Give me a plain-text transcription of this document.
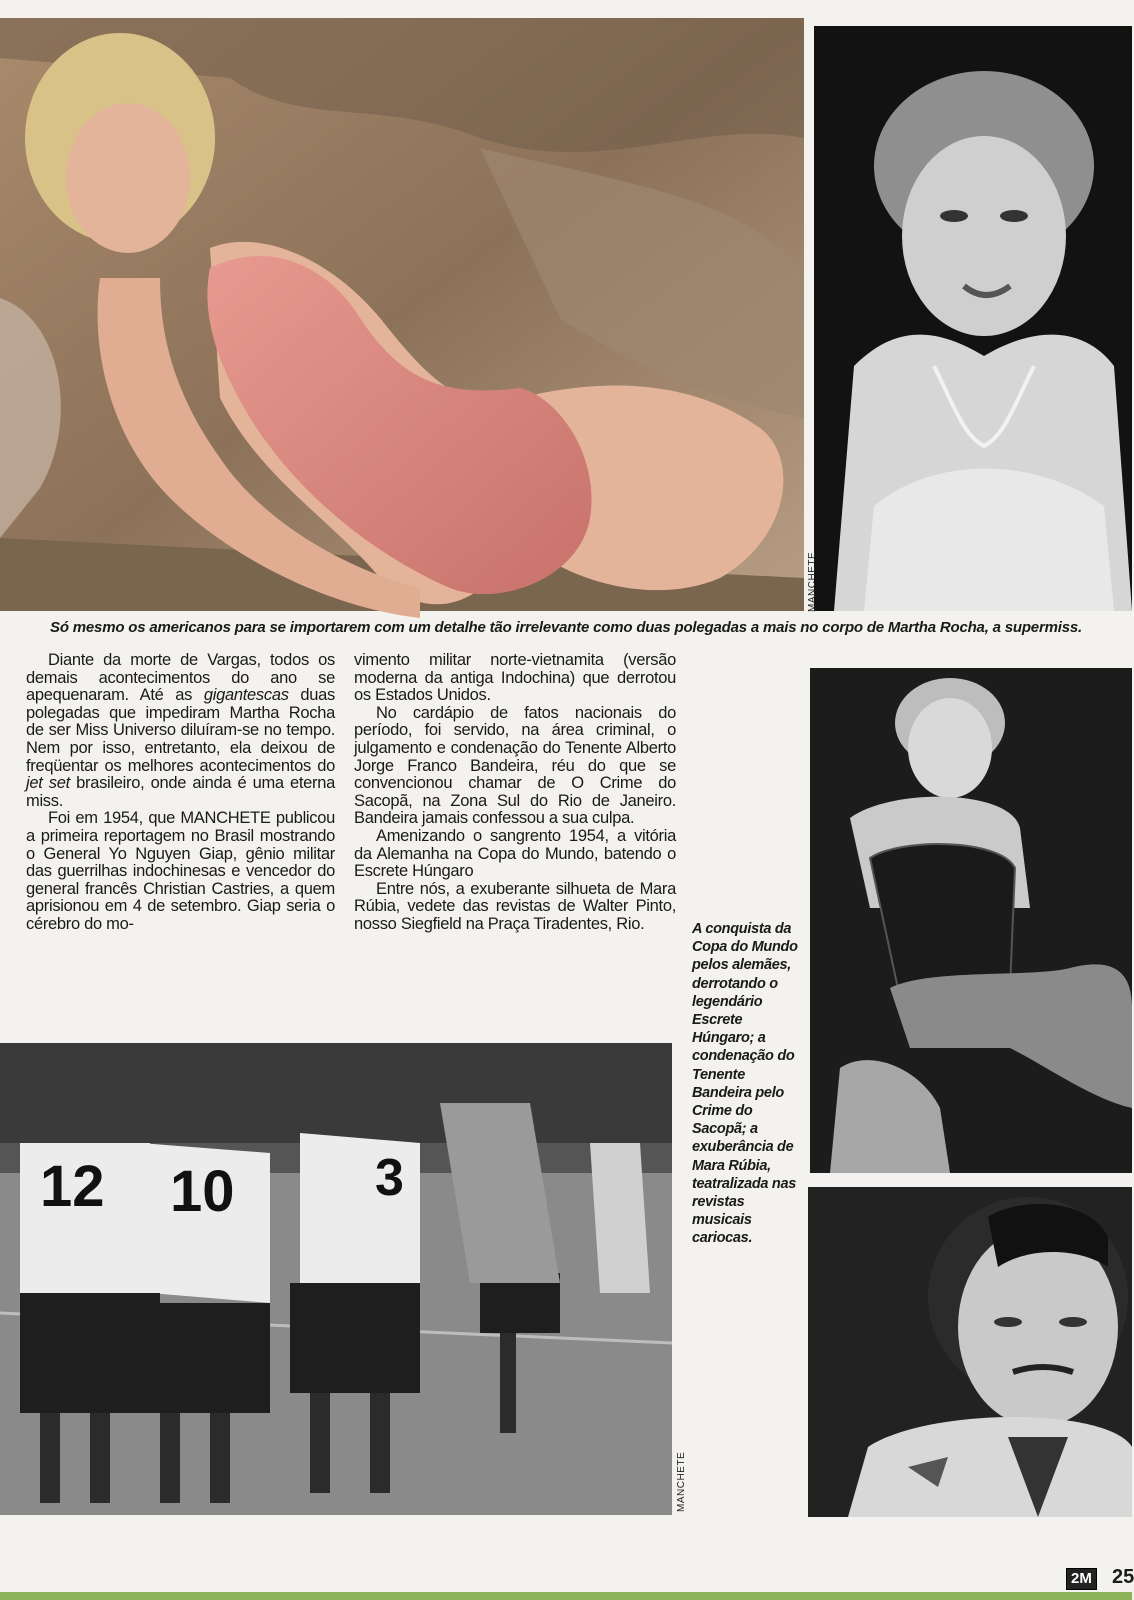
MANCHETE
Só mesmo os americanos para se importarem com um detalhe tão irrelevante como duas polegadas a mais no corpo de Martha Rocha, a supermiss.

Diante da morte de Vargas, todos os demais acontecimentos do ano se apequenaram. Até as gigantescas duas polegadas que impediram Martha Rocha de ser Miss Universo diluíram-se no tempo. Nem por isso, entretanto, ela deixou de freqüentar os melhores acontecimentos do jet set brasileiro, onde ainda é uma eterna miss.

Foi em 1954, que MANCHETE publicou a primeira reportagem no Brasil mostrando o General Yo Nguyen Giap, gênio militar das guerrilhas indochinesas e vencedor do general francês Christian Castries, a quem aprisionou em 4 de setembro. Giap seria o cérebro do mo-

vimento militar norte-vietnamita (versão moderna da antiga Indochina) que derrotou os Estados Unidos.

No cardápio de fatos nacionais do período, foi servido, na área criminal, o julgamento e condenação do Tenente Alberto Jorge Franco Bandeira, réu do que se convencionou chamar de O Crime do Sacopã, na Zona Sul do Rio de Janeiro. Bandeira jamais confessou a sua culpa.

Amenizando o sangrento 1954, a vitória da Alemanha na Copa do Mundo, batendo o Escrete Húngaro

Entre nós, a exuberante silhueta de Mara Rúbia, vedete das revistas de Walter Pinto, nosso Siegfield na Praça Tiradentes, Rio.	A conquista da Copa do Mundo pelos alemães, derrotando o legendário Escrete Húngaro; a condenação do Tenente Bandeira pelo Crime do Sacopã; a exuberância de Mara Rúbia, teatralizada nas revistas musicais cariocas.
12 10	3
MANCHETE
2M 25
